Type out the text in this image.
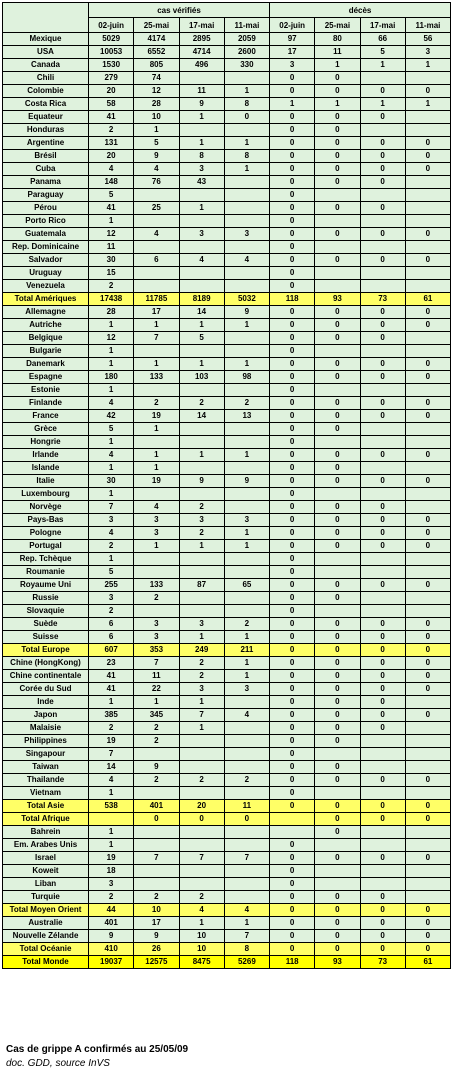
	cas vérifiés				décès			
	02-juin	25-mai	17-mai	11-mai	02-juin	25-mai	17-mai	11-mai
Mexique	5029	4174	2895	2059	97	80	66	56
USA	10053	6552	4714	2600	17	11	5	3
Canada	1530	805	496	330	3	1	1	1
Chili	279	74			0	0		
Colombie	20	12	11	1	0	0	0	0
Costa Rica	58	28	9	8	1	1	1	1
Equateur	41	10	1	0	0	0	0	
Honduras	2	1			0	0		
Argentine	131	5	1	1	0	0	0	0
Brésil	20	9	8	8	0	0	0	0
Cuba	4	4	3	1	0	0	0	0
Panama	148	76	43		0	0	0	
Paraguay	5				0			
Pérou	41	25	1		0	0	0	
Porto Rico	1				0			
Guatemala	12	4	3	3	0	0	0	0
Rep. Dominicaine	11				0			
Salvador	30	6	4	4	0	0	0	0
Uruguay	15				0			
Venezuela	2				0			
Total Amériques	17438	11785	8189	5032	118	93	73	61
Allemagne	28	17	14	9	0	0	0	0
Autriche	1	1	1	1	0	0	0	0
Belgique	12	7	5		0	0	0	
Bulgarie	1				0			
Danemark	1	1	1	1	0	0	0	0
Espagne	180	133	103	98	0	0	0	0
Estonie	1				0			
Finlande	4	2	2	2	0	0	0	0
France	42	19	14	13	0	0	0	0
Grèce	5	1			0	0		
Hongrie	1				0			
Irlande	4	1	1	1	0	0	0	0
Islande	1	1			0	0		
Italie	30	19	9	9	0	0	0	0
Luxembourg	1				0			
Norvège	7	4	2		0	0	0	
Pays-Bas	3	3	3	3	0	0	0	0
Pologne	4	3	2	1	0	0	0	0
Portugal	2	1	1	1	0	0	0	0
Rep. Tchèque	1				0			
Roumanie	5				0			
Royaume Uni	255	133	87	65	0	0	0	0
Russie	3	2			0	0		
Slovaquie	2				0			
Suède	6	3	3	2	0	0	0	0
Suisse	6	3	1	1	0	0	0	0
Total Europe	607	353	249	211	0	0	0	0
Chine (HongKong)	23	7	2	1	0	0	0	0
Chine continentale	41	11	2	1	0	0	0	0
Corée du Sud	41	22	3	3	0	0	0	0
Inde	1	1	1		0	0	0	
Japon	385	345	7	4	0	0	0	0
Malaisie	2	2	1		0	0	0	
Philippines	19	2			0	0		
Singapour	7				0			
Taiwan	14	9			0	0		
Thailande	4	2	2	2	0	0	0	0
Vietnam	1				0			
Total Asie	538	401	20	11	0	0	0	0
Total Afrique		0	0	0		0	0	0
Bahrein	1					0		
Em. Arabes Unis	1				0			
Israel	19	7	7	7	0	0	0	0
Koweit	18				0			
Liban	3				0			
Turquie	2	2	2		0	0	0	
Total Moyen Orient	44	10	4	4	0	0	0	0
Australie	401	17	1	1	0	0	0	0
Nouvelle Zélande	9	9	10	7	0	0	0	0
Total Océanie	410	26	10	8	0	0	0	0
Total Monde	19037	12575	8475	5269	118	93	73	61

Cas de grippe A confirmés au 25/05/09

doc. GDD, source InVS
